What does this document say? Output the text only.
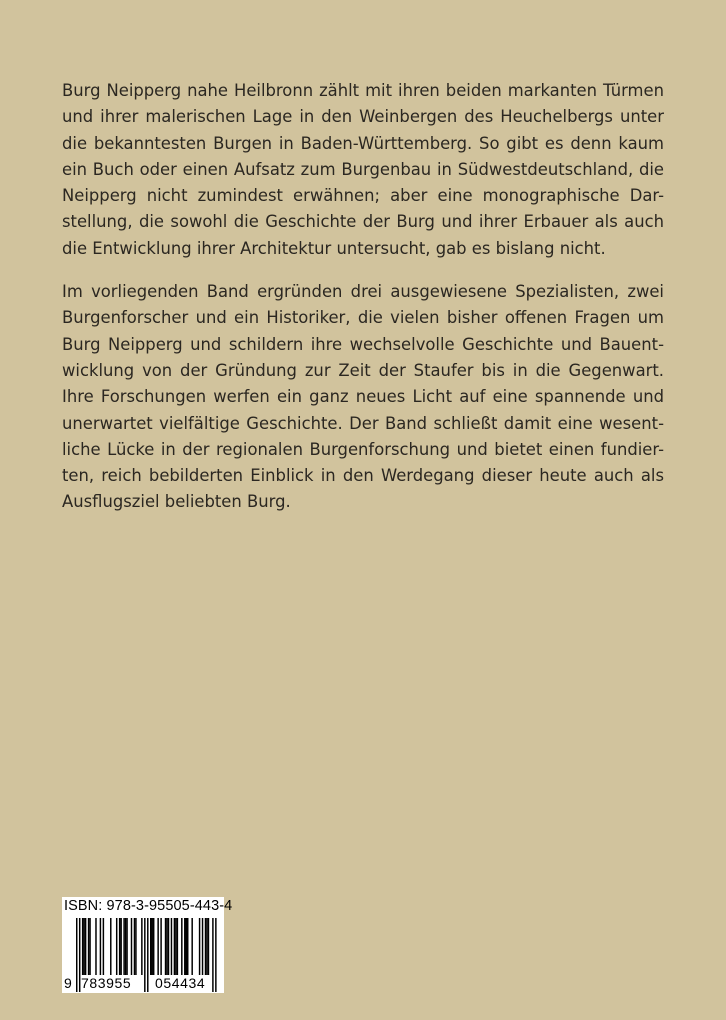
Burg Neipperg nahe Heilbronn zählt mit ihren beiden markanten Türmen
und ihrer malerischen Lage in den Weinbergen des Heuchelbergs unter
die bekanntesten Burgen in Baden-Württemberg. So gibt es denn kaum
ein Buch oder einen Aufsatz zum Burgenbau in Südwestdeutschland, die
Neipperg nicht zumindest erwähnen; aber eine monographische Dar-
stellung, die sowohl die Geschichte der Burg und ihrer Erbauer als auch
die Entwicklung ihrer Architektur untersucht, gab es bislang nicht.

Im vorliegenden Band ergründen drei ausgewiesene Spezialisten, zwei
Burgenforscher und ein Historiker, die vielen bisher offenen Fragen um
Burg Neipperg und schildern ihre wechselvolle Geschichte und Bauent-
wicklung von der Gründung zur Zeit der Staufer bis in die Gegenwart.
Ihre Forschungen werfen ein ganz neues Licht auf eine spannende und
unerwartet vielfältige Geschichte. Der Band schließt damit eine wesent-
liche Lücke in der regionalen Burgenforschung und bietet einen fundier-
ten, reich bebilderten Einblick in den Werdegang dieser heute auch als
Ausflugsziel beliebten Burg.

ISBN: 978-3-95505-443-4
9 783955 054434
